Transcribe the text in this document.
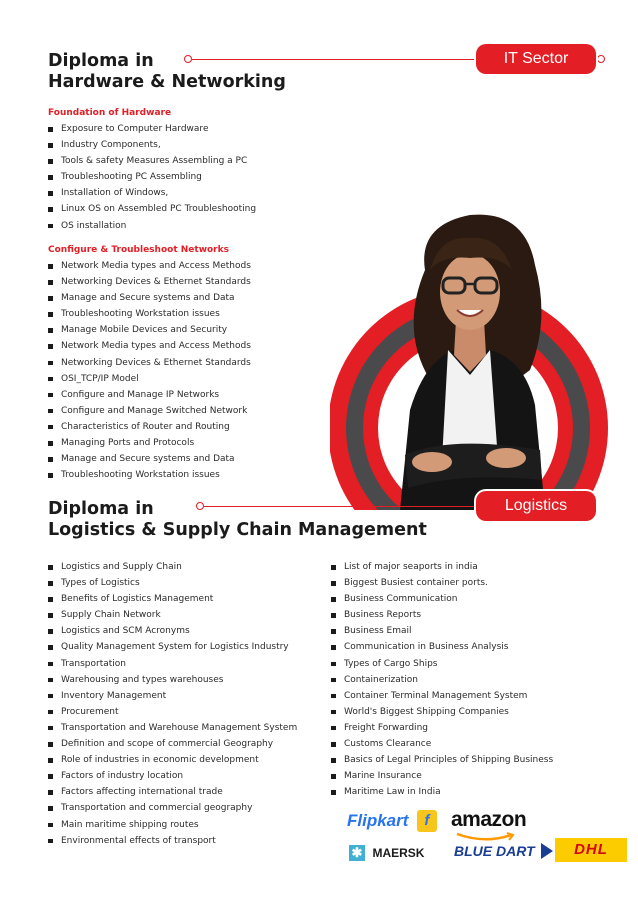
Diploma in
Hardware & Networking
IT Sector
Foundation of Hardware
Exposure to Computer Hardware
Industry Components,
Tools & safety Measures Assembling a PC
Troubleshooting PC Assembling
Installation of Windows,
Linux OS on Assembled PC Troubleshooting
OS installation
Configure & Troubleshoot Networks
Network Media types and Access Methods
Networking Devices & Ethernet Standards
Manage and Secure systems and Data
Troubleshooting Workstation issues
Manage Mobile Devices and Security
Network Media types and Access Methods
Networking Devices & Ethernet Standards
OSI_TCP/IP Model
Configure and Manage IP Networks
Configure and Manage Switched Network
Characteristics of Router and Routing
Managing Ports and Protocols
Manage and Secure systems and Data
Troubleshooting Workstation issues
Diploma in
Logistics & Supply Chain Management
Logistics
Logistics and Supply Chain
Types of Logistics
Benefits of Logistics Management
Supply Chain Network
Logistics and SCM Acronyms
Quality Management System for Logistics Industry
Transportation
Warehousing and types warehouses
Inventory Management
Procurement
Transportation and Warehouse Management System
Definition and scope of commercial Geography
Role of industries in economic development
Factors of industry location
Factors affecting international trade
Transportation and commercial geography
Main maritime shipping routes
Environmental effects of transport
List of major seaports in india
Biggest Busiest container ports.
Business Communication
Business Reports
Business Email
Communication in Business Analysis
Types of Cargo Ships
Containerization
Container Terminal Management System
World's Biggest Shipping Companies
Freight Forwarding
Customs Clearance
Basics of Legal Principles of Shipping Business
Marine Insurance
Maritime Law in India
Flipkart f	amazon
✱ MAERSK BLUE DART	DHL
